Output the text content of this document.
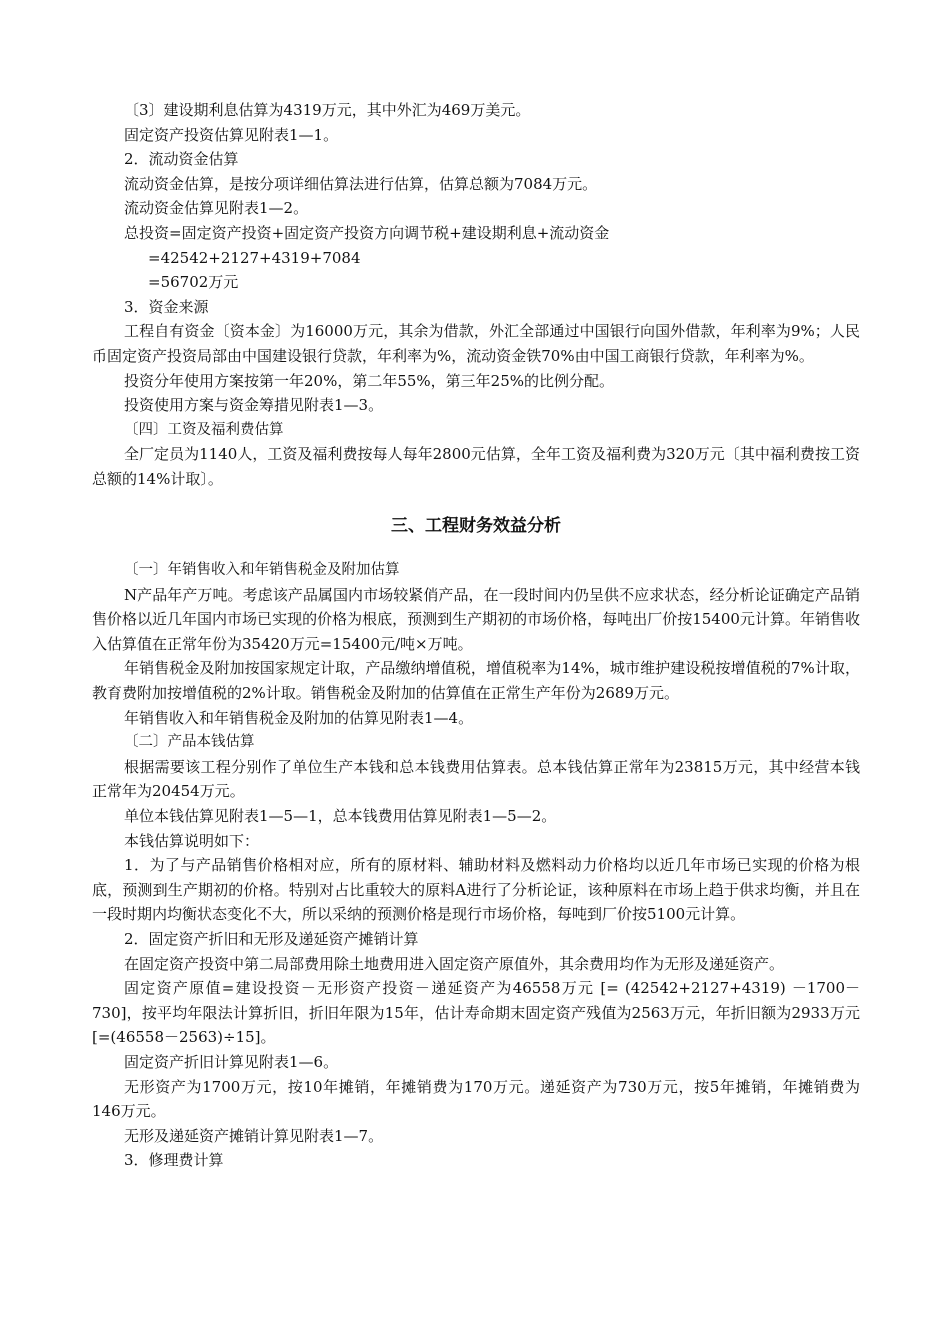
〔3〕建设期利息估算为4319万元，其中外汇为469万美元。

固定资产投资估算见附表1—1。

2．流动资金估算

流动资金估算，是按分项详细估算法进行估算，估算总额为7084万元。

流动资金估算见附表1—2。

总投资=固定资产投资+固定资产投资方向调节税+建设期利息+流动资金

=42542+2127+4319+7084

=56702万元

3．资金来源

工程自有资金〔资本金〕为16000万元，其余为借款，外汇全部通过中国银行向国外借款，年利率为9%；人民币固定资产投资局部由中国建设银行贷款，年利率为%，流动资金铁70%由中国工商银行贷款，年利率为%。

投资分年使用方案按第一年20%，第二年55%，第三年25%的比例分配。

投资使用方案与资金筹措见附表1—3。

〔四〕工资及福利费估算

全厂定员为1140人，工资及福利费按每人每年2800元估算，全年工资及福利费为320万元〔其中福利费按工资总额的14%计取〕。

三、工程财务效益分析

〔一〕年销售收入和年销售税金及附加估算

N产品年产万吨。考虑该产品属国内市场较紧俏产品，在一段时间内仍呈供不应求状态，经分析论证确定产品销售价格以近几年国内市场已实现的价格为根底，预测到生产期初的市场价格，每吨出厂价按15400元计算。年销售收入估算值在正常年份为35420万元=15400元/吨×万吨。

年销售税金及附加按国家规定计取，产品缴纳增值税，增值税率为14%，城市维护建设税按增值税的7%计取，教育费附加按增值税的2%计取。销售税金及附加的估算值在正常生产年份为2689万元。

年销售收入和年销售税金及附加的估算见附表1—4。

〔二〕产品本钱估算

根据需要该工程分别作了单位生产本钱和总本钱费用估算表。总本钱估算正常年为23815万元，其中经营本钱正常年为20454万元。

单位本钱估算见附表1—5—1，总本钱费用估算见附表1—5—2。

本钱估算说明如下：

1．为了与产品销售价格相对应，所有的原材料、辅助材料及燃料动力价格均以近几年市场已实现的价格为根底，预测到生产期初的价格。特别对占比重较大的原料A进行了分析论证，该种原料在市场上趋于供求均衡，并且在一段时期内均衡状态变化不大，所以采纳的预测价格是现行市场价格，每吨到厂价按5100元计算。

2．固定资产折旧和无形及递延资产摊销计算

在固定资产投资中第二局部费用除土地费用进入固定资产原值外，其余费用均作为无形及递延资产。

固定资产原值=建设投资－无形资产投资－递延资产为46558万元 [= (42542+2127+4319) －1700－730]，按平均年限法计算折旧，折旧年限为15年，估计寿命期末固定资产残值为2563万元，年折旧额为2933万元[=(46558－2563)÷15]。

固定资产折旧计算见附表1—6。

无形资产为1700万元，按10年摊销，年摊销费为170万元。递延资产为730万元，按5年摊销，年摊销费为146万元。

无形及递延资产摊销计算见附表1—7。

3．修理费计算
